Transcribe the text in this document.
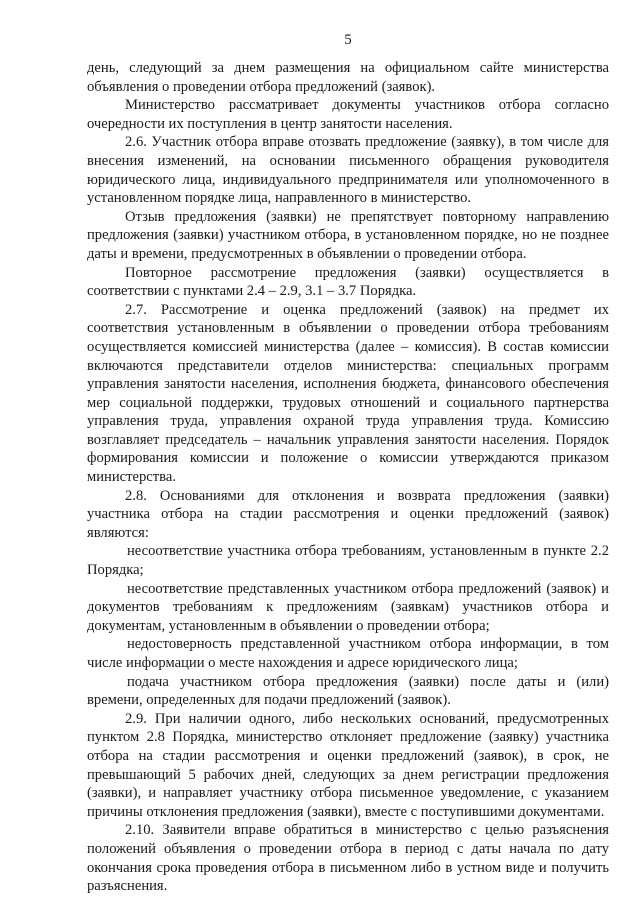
5

день, следующий за днем размещения на официальном сайте министерства объявления о проведении отбора предложений (заявок).

Министерство рассматривает документы участников отбора согласно очередности их поступления в центр занятости населения.

2.6. Участник отбора вправе отозвать предложение (заявку), в том числе для внесения изменений, на основании письменного обращения руководителя юридического лица, индивидуального предпринимателя или уполномоченного в установленном порядке лица, направленного в министерство.

Отзыв предложения (заявки) не препятствует повторному направлению предложения (заявки) участником отбора, в установленном порядке, но не позднее даты и времени, предусмотренных в объявлении о проведении отбора.

Повторное рассмотрение предложения (заявки) осуществляется в соответствии с пунктами 2.4 – 2.9, 3.1 – 3.7 Порядка.

2.7. Рассмотрение и оценка предложений (заявок) на предмет их соответствия установленным в объявлении о проведении отбора требованиям осуществляется комиссией министерства (далее – комиссия). В состав комиссии включаются представители отделов министерства: специальных программ управления занятости населения, исполнения бюджета, финансового обеспечения мер социальной поддержки, трудовых отношений и социального партнерства управления труда, управления охраной труда управления труда. Комиссию возглавляет председатель – начальник управления занятости населения. Порядок формирования комиссии и положение о комиссии утверждаются приказом министерства.

2.8. Основаниями для отклонения и возврата предложения (заявки) участника отбора на стадии рассмотрения и оценки предложений (заявок) являются:

несоответствие участника отбора требованиям, установленным в пункте 2.2 Порядка;

несоответствие представленных участником отбора предложений (заявок) и документов требованиям к предложениям (заявкам) участников отбора и документам, установленным в объявлении о проведении отбора;

недостоверность представленной участником отбора информации, в том числе информации о месте нахождения и адресе юридического лица;

подача участником отбора предложения (заявки) после даты и (или) времени, определенных для подачи предложений (заявок).

2.9. При наличии одного, либо нескольких оснований, предусмотренных пунктом 2.8 Порядка, министерство отклоняет предложение (заявку) участника отбора на стадии рассмотрения и оценки предложений (заявок), в срок, не превышающий 5 рабочих дней, следующих за днем регистрации предложения (заявки), и направляет участнику отбора письменное уведомление, с указанием причины отклонения предложения (заявки), вместе с поступившими документами.

2.10. Заявители вправе обратиться в министерство с целью разъяснения положений объявления о проведении отбора в период с даты начала по дату окончания срока проведения отбора в письменном либо в устном виде и получить разъяснения.
